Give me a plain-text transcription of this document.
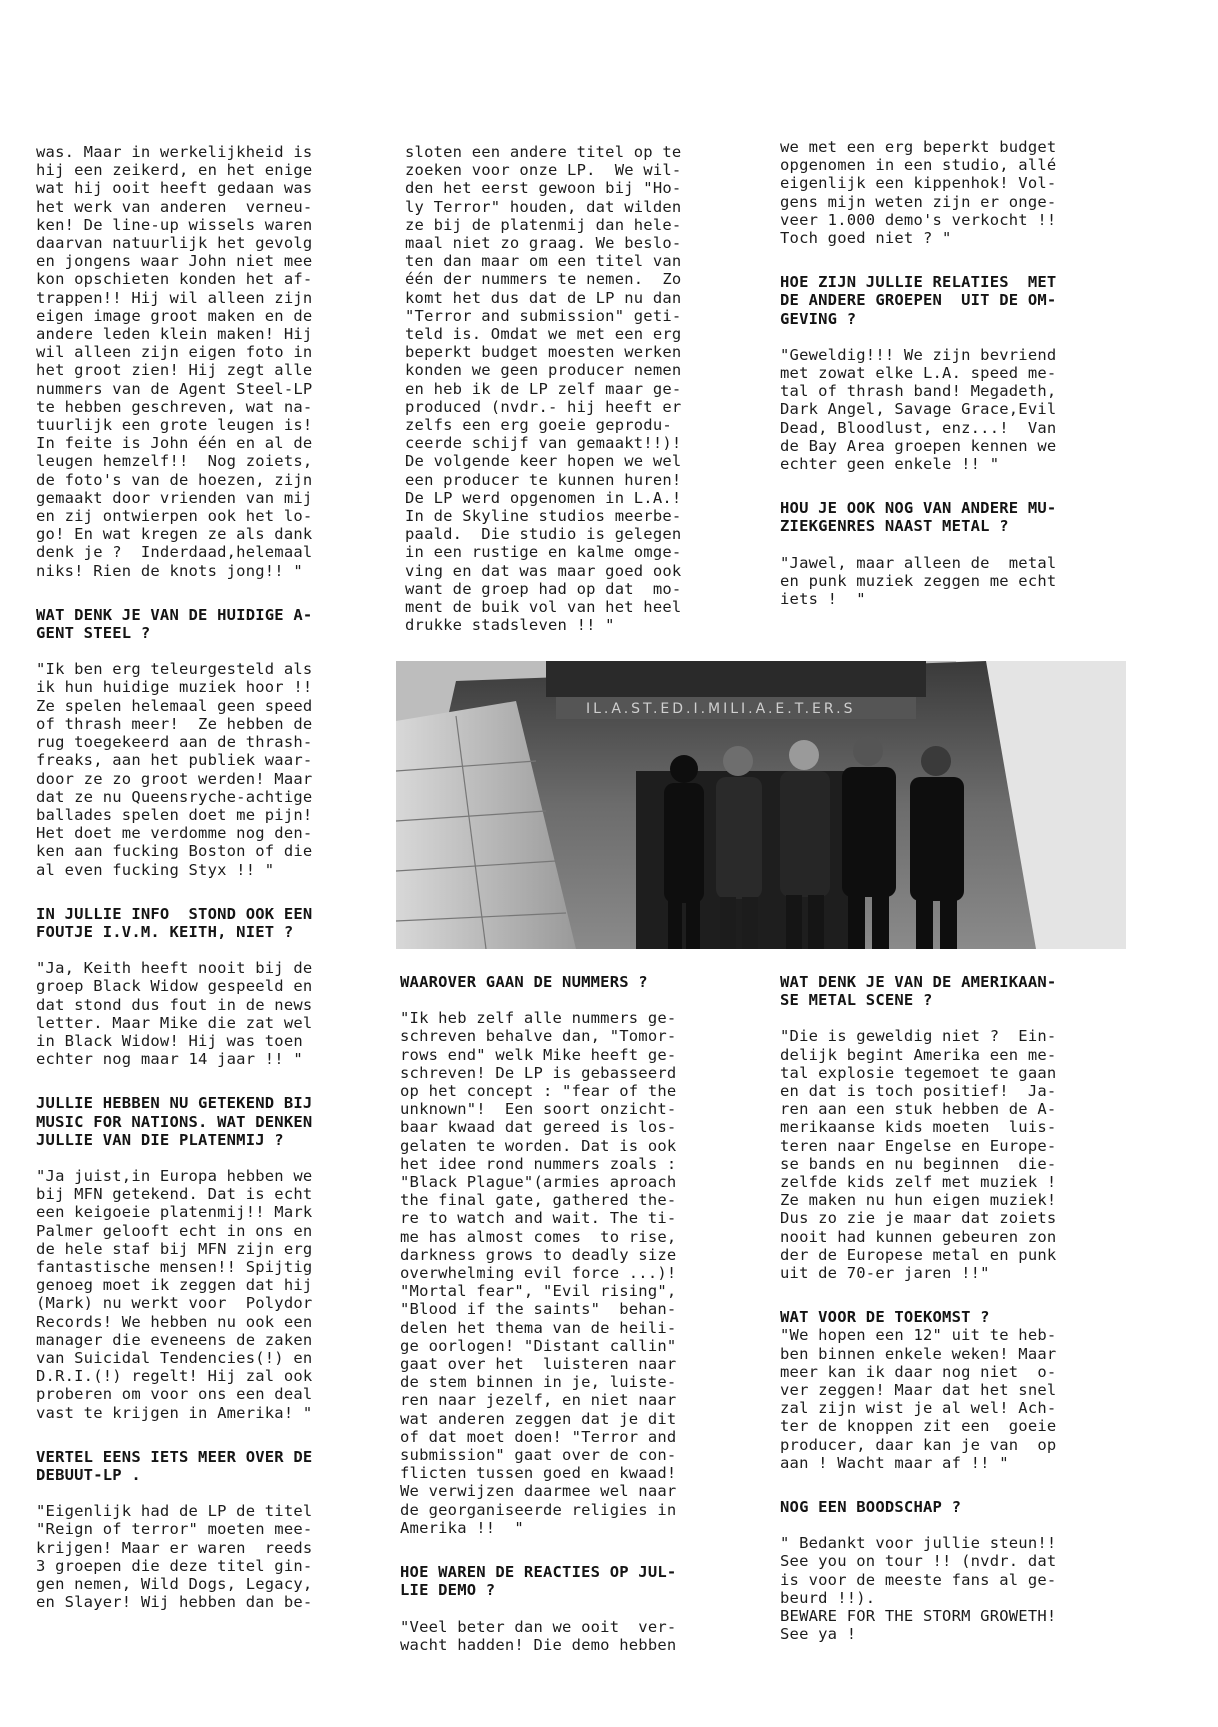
was. Maar in werkelijkheid is
hij een zeikerd, en het enige
wat hij ooit heeft gedaan was
het werk van anderen  verneu-
ken! De line-up wissels waren
daarvan natuurlijk het gevolg
en jongens waar John niet mee
kon opschieten konden het af-
trappen!! Hij wil alleen zijn
eigen image groot maken en de
andere leden klein maken! Hij
wil alleen zijn eigen foto in
het groot zien! Hij zegt alle
nummers van de Agent Steel-LP
te hebben geschreven, wat na-
tuurlijk een grote leugen is!
In feite is John één en al de
leugen hemzelf!!  Nog zoiets,
de foto's van de hoezen, zijn
gemaakt door vrienden van mij
en zij ontwierpen ook het lo-
go! En wat kregen ze als dank
denk je ?  Inderdaad,helemaal
niks! Rien de knots jong!! "

WAT DENK JE VAN DE HUIDIGE A-
GENT STEEL ?

"Ik ben erg teleurgesteld als
ik hun huidige muziek hoor !!
Ze spelen helemaal geen speed
of thrash meer!  Ze hebben de
rug toegekeerd aan de thrash-
freaks, aan het publiek waar-
door ze zo groot werden! Maar
dat ze nu Queensryche-achtige
ballades spelen doet me pijn!
Het doet me verdomme nog den-
ken aan fucking Boston of die
al even fucking Styx !! "

IN JULLIE INFO  STOND OOK EEN
FOUTJE I.V.M. KEITH, NIET ?

"Ja, Keith heeft nooit bij de
groep Black Widow gespeeld en
dat stond dus fout in de news
letter. Maar Mike die zat wel
in Black Widow! Hij was toen
echter nog maar 14 jaar !! "

JULLIE HEBBEN NU GETEKEND BIJ
MUSIC FOR NATIONS. WAT DENKEN
JULLIE VAN DIE PLATENMIJ ?

"Ja juist,in Europa hebben we
bij MFN getekend. Dat is echt
een keigoeie platenmij!! Mark
Palmer gelooft echt in ons en
de hele staf bij MFN zijn erg
fantastische mensen!! Spijtig
genoeg moet ik zeggen dat hij
(Mark) nu werkt voor  Polydor
Records! We hebben nu ook een
manager die eveneens de zaken
van Suicidal Tendencies(!) en
D.R.I.(!) regelt! Hij zal ook
proberen om voor ons een deal
vast te krijgen in Amerika! "

VERTEL EENS IETS MEER OVER DE
DEBUUT-LP .

"Eigenlijk had de LP de titel
"Reign of terror" moeten mee-
krijgen! Maar er waren  reeds
3 groepen die deze titel gin-
gen nemen, Wild Dogs, Legacy,
en Slayer! Wij hebben dan be-

sloten een andere titel op te
zoeken voor onze LP.  We wil-
den het eerst gewoon bij "Ho-
ly Terror" houden, dat wilden
ze bij de platenmij dan hele-
maal niet zo graag. We beslo-
ten dan maar om een titel van
één der nummers te nemen.  Zo
komt het dus dat de LP nu dan
"Terror and submission" geti-
teld is. Omdat we met een erg
beperkt budget moesten werken
konden we geen producer nemen
en heb ik de LP zelf maar ge-
produced (nvdr.- hij heeft er
zelfs een erg goeie geprodu-
ceerde schijf van gemaakt!!)!
De volgende keer hopen we wel
een producer te kunnen huren!
De LP werd opgenomen in L.A.!
In de Skyline studios meerbe-
paald.  Die studio is gelegen
in een rustige en kalme omge-
ving en dat was maar goed ook
want de groep had op dat  mo-
ment de buik vol van het heel
drukke stadsleven !! "

we met een erg beperkt budget
opgenomen in een studio, allé
eigenlijk een kippenhok! Vol-
gens mijn weten zijn er onge-
veer 1.000 demo's verkocht !!
Toch goed niet ? "

HOE ZIJN JULLIE RELATIES  MET
DE ANDERE GROEPEN  UIT DE OM-
GEVING ?

"Geweldig!!! We zijn bevriend
met zowat elke L.A. speed me-
tal of thrash band! Megadeth,
Dark Angel, Savage Grace,Evil
Dead, Bloodlust, enz...!  Van
de Bay Area groepen kennen we
echter geen enkele !! "

HOU JE OOK NOG VAN ANDERE MU-
ZIEKGENRES NAAST METAL ?

"Jawel, maar alleen de  metal
en punk muziek zeggen me echt
iets !  "

IL.A.ST.ED.I.MILI.A.E.T.ER.S

WAAROVER GAAN DE NUMMERS ?

"Ik heb zelf alle nummers ge-
schreven behalve dan, "Tomor-
rows end" welk Mike heeft ge-
schreven! De LP is gebasseerd
op het concept : "fear of the
unknown"!  Een soort onzicht-
baar kwaad dat gereed is los-
gelaten te worden. Dat is ook
het idee rond nummers zoals :
"Black Plague"(armies aproach
the final gate, gathered the-
re to watch and wait. The ti-
me has almost comes  to rise,
darkness grows to deadly size
overwhelming evil force ...)!
"Mortal fear", "Evil rising",
"Blood if the saints"  behan-
delen het thema van de heili-
ge oorlogen! "Distant callin"
gaat over het  luisteren naar
de stem binnen in je, luiste-
ren naar jezelf, en niet naar
wat anderen zeggen dat je dit
of dat moet doen! "Terror and
submission" gaat over de con-
flicten tussen goed en kwaad!
We verwijzen daarmee wel naar
de georganiseerde religies in
Amerika !!  "

HOE WAREN DE REACTIES OP JUL-
LIE DEMO ?

"Veel beter dan we ooit  ver-
wacht hadden! Die demo hebben

WAT DENK JE VAN DE AMERIKAAN-
SE METAL SCENE ?

"Die is geweldig niet ?  Ein-
delijk begint Amerika een me-
tal explosie tegemoet te gaan
en dat is toch positief!  Ja-
ren aan een stuk hebben de A-
merikaanse kids moeten  luis-
teren naar Engelse en Europe-
se bands en nu beginnen  die-
zelfde kids zelf met muziek !
Ze maken nu hun eigen muziek!
Dus zo zie je maar dat zoiets
nooit had kunnen gebeuren zon
der de Europese metal en punk
uit de 70-er jaren !!"

WAT VOOR DE TOEKOMST ?

"We hopen een 12" uit te heb-
ben binnen enkele weken! Maar
meer kan ik daar nog niet  o-
ver zeggen! Maar dat het snel
zal zijn wist je al wel! Ach-
ter de knoppen zit een  goeie
producer, daar kan je van  op
aan ! Wacht maar af !! "

NOG EEN BOODSCHAP ?

" Bedankt voor jullie steun!!
See you on tour !! (nvdr. dat
is voor de meeste fans al ge-
beurd !!).
BEWARE FOR THE STORM GROWETH!
See ya !
